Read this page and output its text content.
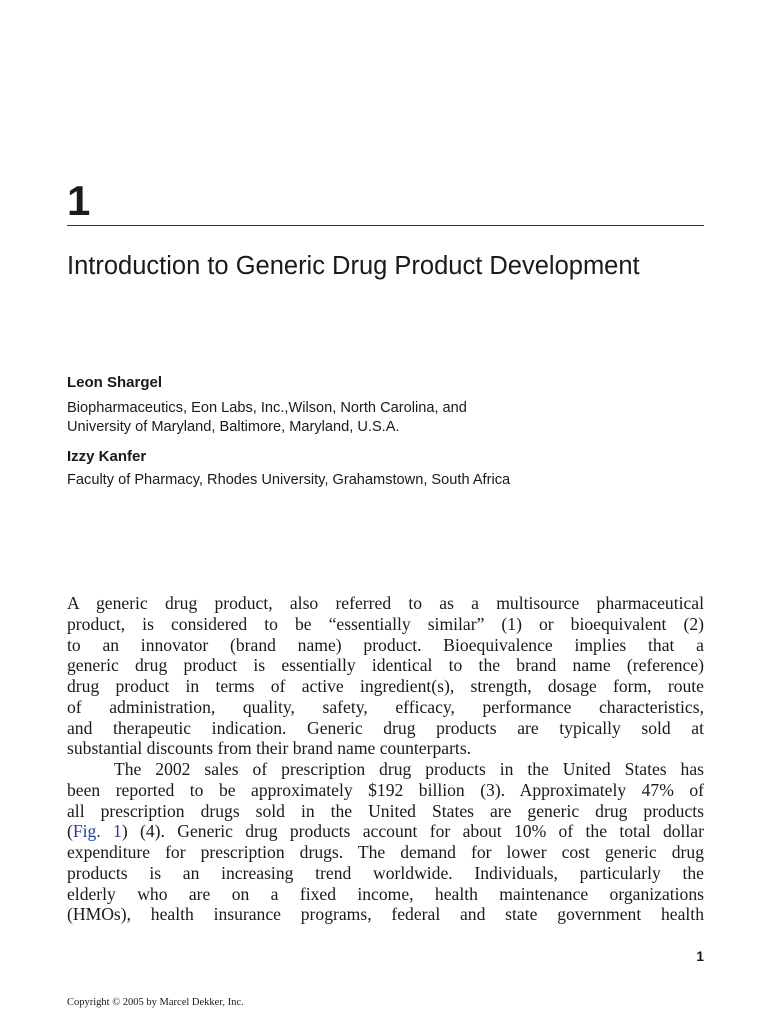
1
Introduction to Generic Drug Product Development
Leon Shargel
Biopharmaceutics, Eon Labs, Inc.,Wilson, North Carolina, and
University of Maryland, Baltimore, Maryland, U.S.A.
Izzy Kanfer
Faculty of Pharmacy, Rhodes University, Grahamstown, South Africa
A generic drug product, also referred to as a multisource pharmaceutical
product, is considered to be “essentially similar” (1) or bioequivalent (2)
to an innovator (brand name) product. Bioequivalence implies that a
generic drug product is essentially identical to the brand name (reference)
drug product in terms of active ingredient(s), strength, dosage form, route
of administration, quality, safety, efficacy, performance characteristics,
and therapeutic indication. Generic drug products are typically sold at
substantial discounts from their brand name counterparts.
The 2002 sales of prescription drug products in the United States has
been reported to be approximately $192 billion (3). Approximately 47% of
all prescription drugs sold in the United States are generic drug products
(Fig. 1) (4). Generic drug products account for about 10% of the total dollar
expenditure for prescription drugs. The demand for lower cost generic drug
products is an increasing trend worldwide. Individuals, particularly the
elderly who are on a fixed income, health maintenance organizations
(HMOs), health insurance programs, federal and state government health
1
Copyright © 2005 by Marcel Dekker, Inc.
